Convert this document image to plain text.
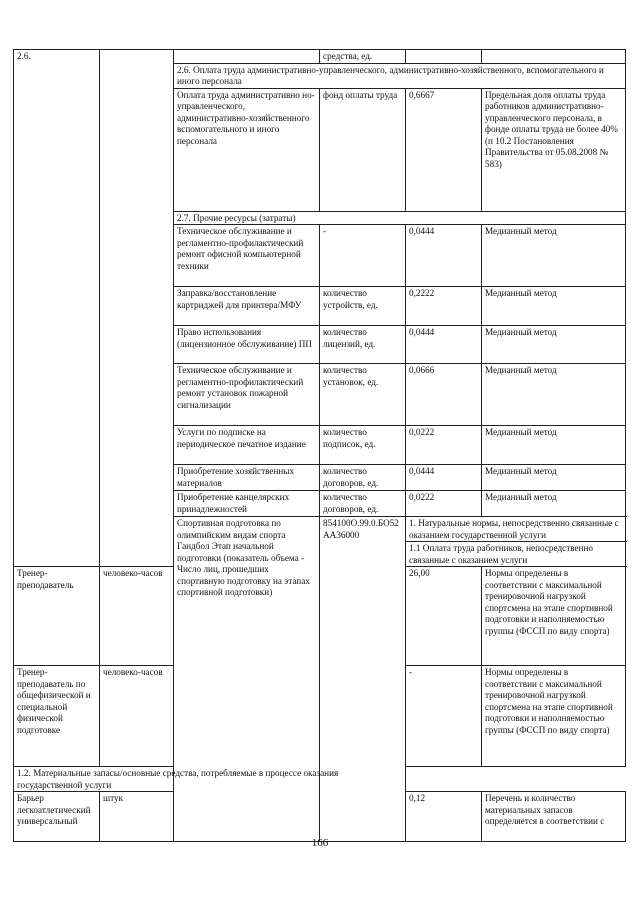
2.6.			средства, ед.		
		2.6. Оплата труда административно-управленческого, административно-хозяйственного, вспомогательного и иного персонала			
		Оплата труда административно но-управленческого, административно-хозяйственного вспомогательного и иного персонала	фонд оплаты труда	0,6667	Предельная доля оплаты труда работников административно-управленческого персонала, в фонде оплаты труда не более 40% (п 10.2 Постановления Правительства от 05.08.2008 № 583)
		2.7. Прочие ресурсы (затраты)			
		Техническое обслуживание и регламентно-профилактический ремонт офисной компьютерной техники	-	0,0444	Медианный метод
		Заправка/восстановление картриджей для принтера/МФУ	количество устройств, ед.	0,2222	Медианный метод
		Право использования (лицензионное обслуживание) ПП	количество лицензий, ед.	0,0444	Медианный метод
		Техническое обслуживание и регламентно-профилактический ремонт установок пожарной сигнализации	количество установок, ед.	0,0666	Медианный метод
		Услуги по подписке на периодическое печатное издание	количество подписок, ед.	0,0222	Медианный метод
		Приобретение хозяйственных материалов	количество договоров, ед.	0,0444	Медианный метод
		Приобретение канцелярских принадлежностей	количество договоров, ед.	0,0222	Медианный метод
		Спортивная подготовка по олимпийским видам спорта Гандбол Этап начальной подготовки (показатель объема - Число лиц, прошедших спортивную подготовку на этапах спортивной подготовки)	854100О.99.0.БО52АА36000	1. Натуральные нормы, непосредственно связанные с оказанием государственной услуги	
				1.1 Оплата труда работников, непосредственно связанные с оказанием услуги	
Тренер-преподаватель	человеко-часов			26,00	Нормы определены в соответствии с максимальной тренировочной нагрузкой спортсмена на этапе спортивной подготовки и наполняемостью группы (ФССП по виду спорта)
Тренер-преподаватель по общефизической и специальной физической подготовке	человеко-часов			-	Нормы определены в соответствии с максимальной тренировочной нагрузкой спортсмена на этапе спортивной подготовки и наполняемостью группы (ФССП по виду спорта)
1.2. Материальные запасы/основные средства, потребляемые в процессе оказания государственной услуги					
Барьер легкоатлетический универсальный	штук			0,12	Перечень и количество материальных запасов определяется в соответствии с
166
